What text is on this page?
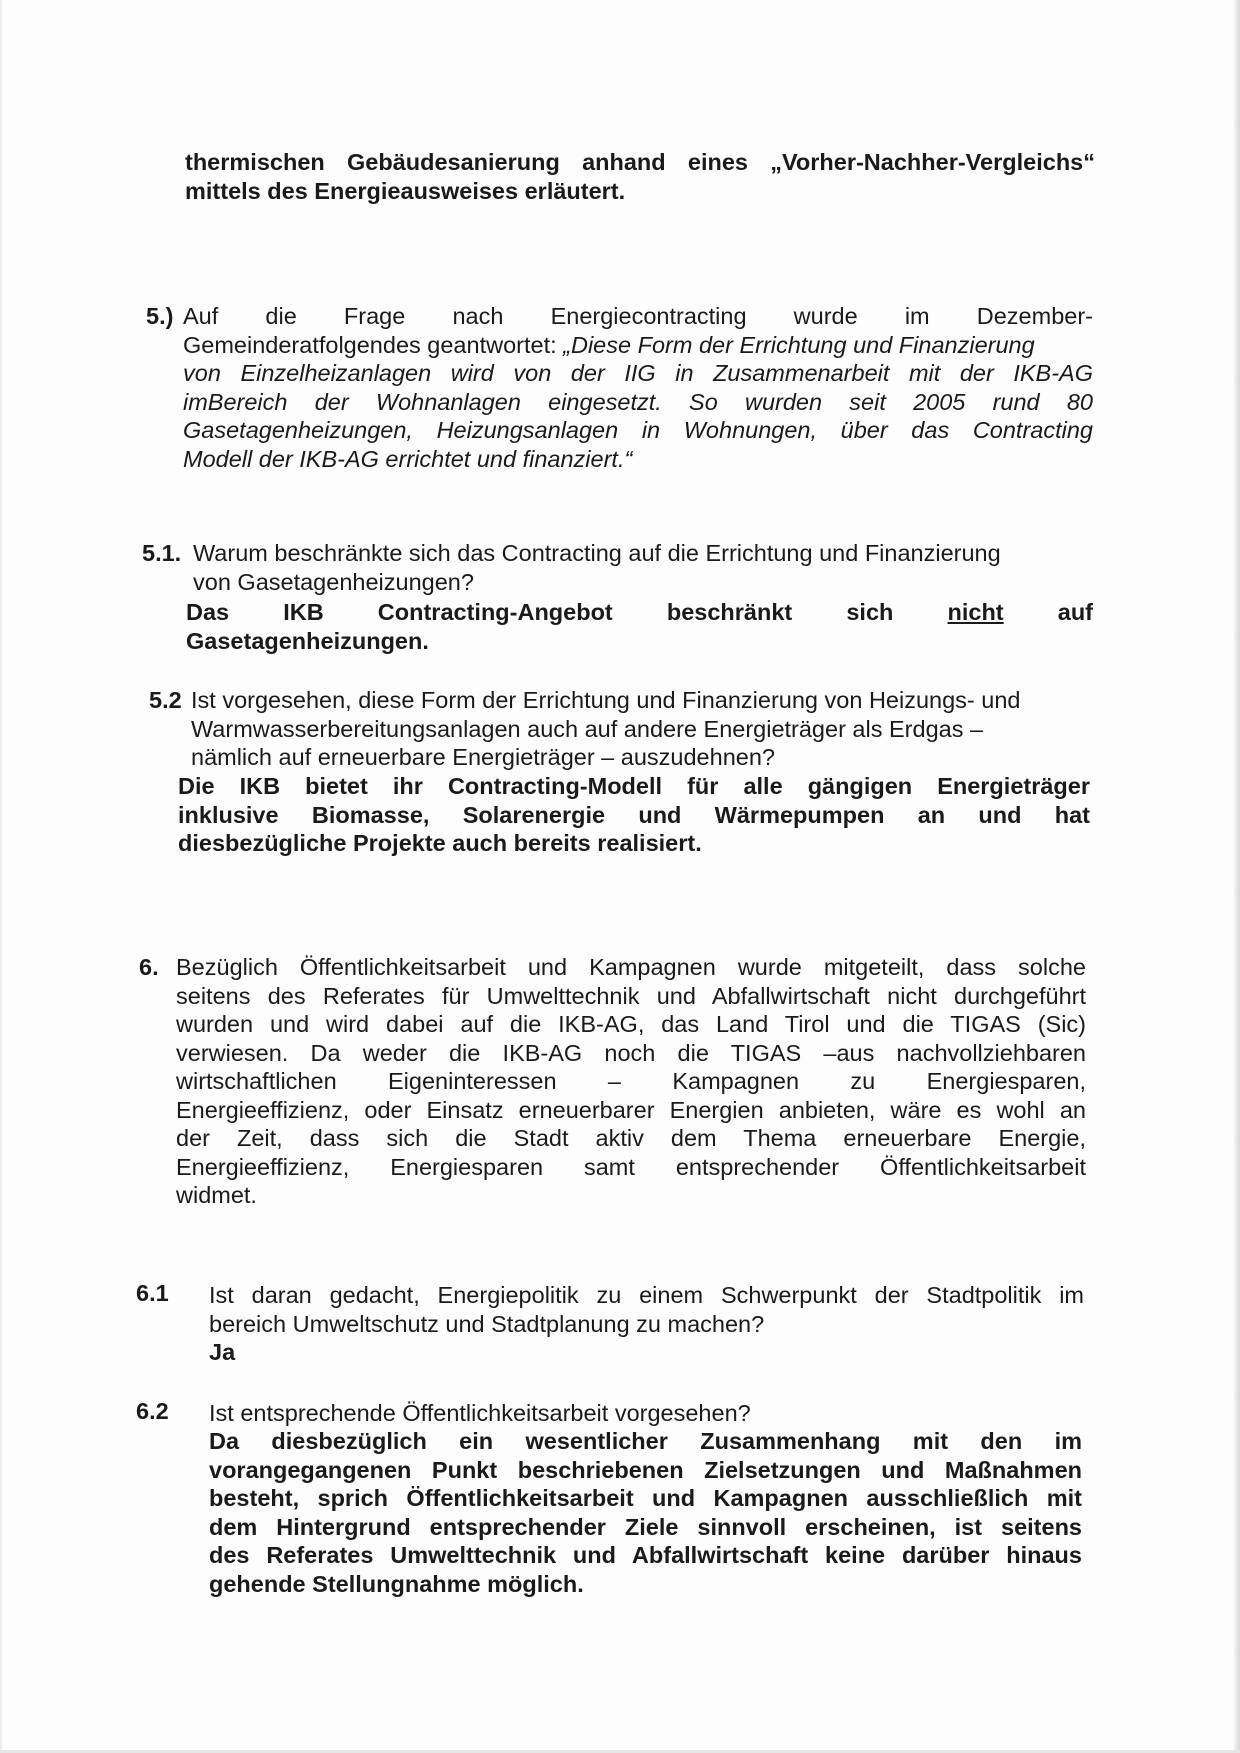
thermischen Gebäudesanierung anhand eines „Vorher-Nachher-Vergleichs“
mittels des Energieausweises erläutert.
5.) Auf die Frage nach Energiecontracting wurde im Dezember-
Gemeinderatfolgendes geantwortet: „Diese Form der Errichtung und Finanzierung
von Einzelheizanlagen wird von der IIG in Zusammenarbeit mit der IKB-AG
imBereich der Wohnanlagen eingesetzt. So wurden seit 2005 rund 80
Gasetagenheizungen, Heizungsanlagen in Wohnungen, über das Contracting
Modell der IKB-AG errichtet und finanziert.“
5.1. Warum beschränkte sich das Contracting auf die Errichtung und Finanzierung
von Gasetagenheizungen?
Das IKB Contracting-Angebot beschränkt sich nicht auf
Gasetagenheizungen.
5.2 Ist vorgesehen, diese Form der Errichtung und Finanzierung von Heizungs- und
Warmwasserbereitungsanlagen auch auf andere Energieträger als Erdgas –
nämlich auf erneuerbare Energieträger – auszudehnen?
Die IKB bietet ihr Contracting-Modell für alle gängigen Energieträger
inklusive Biomasse, Solarenergie und Wärmepumpen an und hat
diesbezügliche Projekte auch bereits realisiert.
6. Bezüglich Öffentlichkeitsarbeit und Kampagnen wurde mitgeteilt, dass solche
seitens des Referates für Umwelttechnik und Abfallwirtschaft nicht durchgeführt
wurden und wird dabei auf die IKB-AG, das Land Tirol und die TIGAS (Sic)
verwiesen. Da weder die IKB-AG noch die TIGAS –aus nachvollziehbaren
wirtschaftlichen Eigeninteressen – Kampagnen zu Energiesparen,
Energieeffizienz, oder Einsatz erneuerbarer Energien anbieten, wäre es wohl an
der Zeit, dass sich die Stadt aktiv dem Thema erneuerbare Energie,
Energieeffizienz, Energiesparen samt entsprechender Öffentlichkeitsarbeit
widmet.
6.1 Ist daran gedacht, Energiepolitik zu einem Schwerpunkt der Stadtpolitik im
bereich Umweltschutz und Stadtplanung zu machen?
Ja
6.2 Ist entsprechende Öffentlichkeitsarbeit vorgesehen?
Da diesbezüglich ein wesentlicher Zusammenhang mit den im
vorangegangenen Punkt beschriebenen Zielsetzungen und Maßnahmen
besteht, sprich Öffentlichkeitsarbeit und Kampagnen ausschließlich mit
dem Hintergrund entsprechender Ziele sinnvoll erscheinen, ist seitens
des Referates Umwelttechnik und Abfallwirtschaft keine darüber hinaus
gehende Stellungnahme möglich.
